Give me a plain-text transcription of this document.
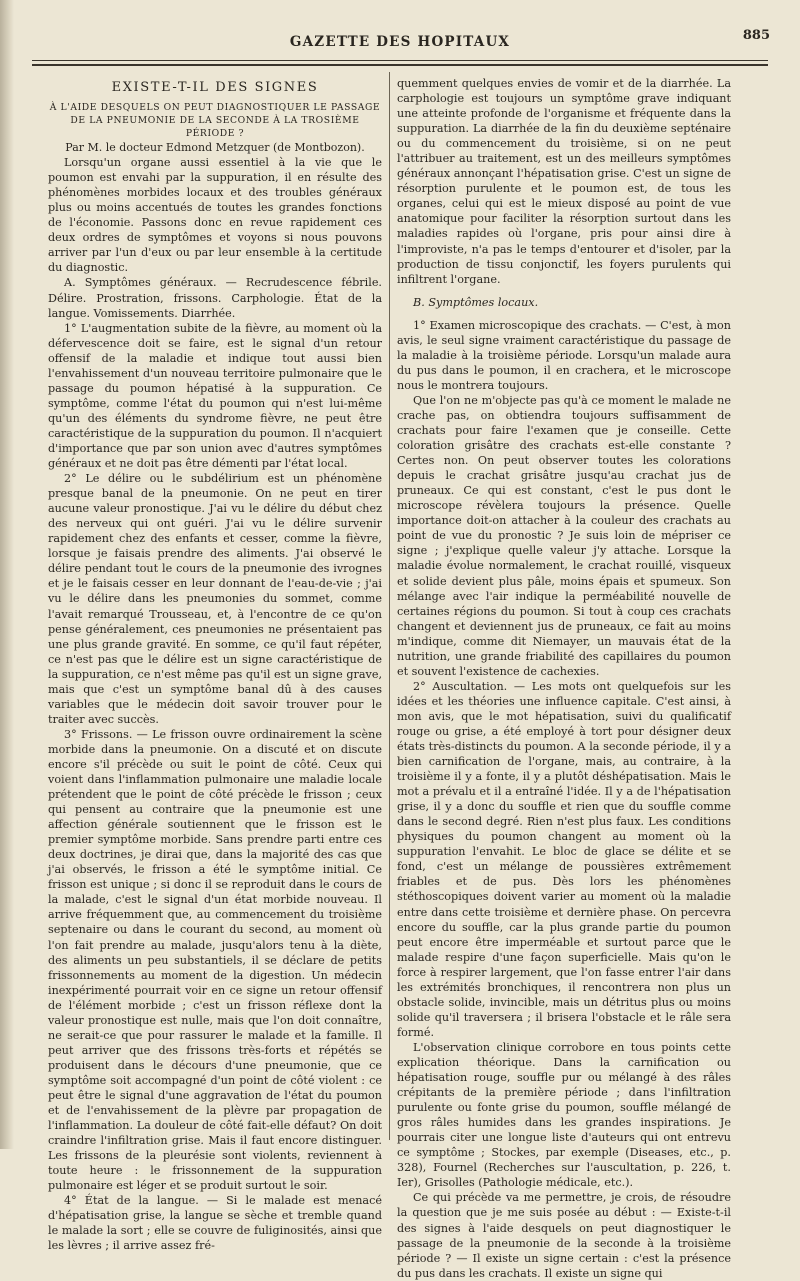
GAZETTE DES HOPITAUX	885
EXISTE-T-IL DES SIGNES

À L'AIDE DESQUELS ON PEUT DIAGNOSTIQUER LE PASSAGE DE LA PNEUMONIE DE LA SECONDE À LA TROSIÈME PÉRIODE ?

Par M. le docteur Edmond Metzquer (de Montbozon).

Lorsqu'un organe aussi essentiel à la vie que le poumon est envahi par la suppuration, il en résulte des phénomènes morbides locaux et des troubles généraux plus ou moins accentués de toutes les grandes fonctions de l'économie. Passons donc en revue rapidement ces deux ordres de symptômes et voyons si nous pouvons arriver par l'un d'eux ou par leur ensemble à la certitude du diagnostic.

A. Symptômes généraux. — Recrudescence fébrile. Délire. Prostration, frissons. Carphologie. État de la langue. Vomissements. Diarrhée.

1° L'augmentation subite de la fièvre, au moment où la défervescence doit se faire, est le signal d'un retour offensif de la maladie et indique tout aussi bien l'envahissement d'un nouveau territoire pulmonaire que le passage du poumon hépatisé à la suppuration. Ce symptôme, comme l'état du poumon qui n'est lui-même qu'un des éléments du syndrome fièvre, ne peut être caractéristique de la suppuration du poumon. Il n'acquiert d'importance que par son union avec d'autres symptômes généraux et ne doit pas être démenti par l'état local.

2° Le délire ou le subdélirium est un phénomène presque banal de la pneumonie. On ne peut en tirer aucune valeur pronostique. J'ai vu le délire du début chez des nerveux qui ont guéri. J'ai vu le délire survenir rapidement chez des enfants et cesser, comme la fièvre, lorsque je faisais prendre des aliments. J'ai observé le délire pendant tout le cours de la pneumonie des ivrognes et je le faisais cesser en leur donnant de l'eau-de-vie ; j'ai vu le délire dans les pneumonies du sommet, comme l'avait remarqué Trousseau, et, à l'encontre de ce qu'on pense généralement, ces pneumonies ne présentaient pas une plus grande gravité. En somme, ce qu'il faut répéter, ce n'est pas que le délire est un signe caractéristique de la suppuration, ce n'est même pas qu'il est un signe grave, mais que c'est un symptôme banal dû à des causes variables que le médecin doit savoir trouver pour le traiter avec succès.

3° Frissons. — Le frisson ouvre ordinairement la scène morbide dans la pneumonie. On a discuté et on discute encore s'il précède ou suit le point de côté. Ceux qui voient dans l'inflammation pulmonaire une maladie locale prétendent que le point de côté précède le frisson ; ceux qui pensent au contraire que la pneumonie est une affection générale soutiennent que le frisson est le premier symptôme morbide. Sans prendre parti entre ces deux doctrines, je dirai que, dans la majorité des cas que j'ai observés, le frisson a été le symptôme initial. Ce frisson est unique ; si donc il se reproduit dans le cours de la malade, c'est le signal d'un état morbide nouveau. Il arrive fréquemment que, au commencement du troisième septenaire ou dans le courant du second, au moment où l'on fait prendre au malade, jusqu'alors tenu à la diète, des aliments un peu substantiels, il se déclare de petits frissonnements au moment de la digestion. Un médecin inexpérimenté pourrait voir en ce signe un retour offensif de l'élément morbide ; c'est un frisson réflexe dont la valeur pronostique est nulle, mais que l'on doit connaître, ne serait-ce que pour rassurer le malade et la famille. Il peut arriver que des frissons très-forts et répétés se produisent dans le décours d'une pneumonie, que ce symptôme soit accompagné d'un point de côté violent : ce peut être le signal d'une aggravation de l'état du poumon et de l'envahissement de la plèvre par propagation de l'inflammation. La douleur de côté fait-elle défaut? On doit craindre l'infiltration grise. Mais il faut encore distinguer. Les frissons de la pleurésie sont violents, reviennent à toute heure : le frissonnement de la suppuration pulmonaire est léger et se produit surtout le soir.

4° État de la langue. — Si le malade est menacé d'hépatisation grise, la langue se sèche et tremble quand le malade la sort ; elle se couvre de fuliginosités, ainsi que les lèvres ; il arrive assez fré-

quemment quelques envies de vomir et de la diarrhée. La carphologie est toujours un symptôme grave indiquant une atteinte profonde de l'organisme et fréquente dans la suppuration. La diarrhée de la fin du deuxième septénaire ou du commencement du troisième, si on ne peut l'attribuer au traitement, est un des meilleurs symptômes généraux annonçant l'hépatisation grise. C'est un signe de résorption purulente et le poumon est, de tous les organes, celui qui est le mieux disposé au point de vue anatomique pour faciliter la résorption surtout dans les maladies rapides où l'organe, pris pour ainsi dire à l'improviste, n'a pas le temps d'entourer et d'isoler, par la production de tissu conjonctif, les foyers purulents qui infiltrent l'organe.

B. Symptômes locaux.

1° Examen microscopique des crachats. — C'est, à mon avis, le seul signe vraiment caractéristique du passage de la maladie à la troisième période. Lorsqu'un malade aura du pus dans le poumon, il en crachera, et le microscope nous le montrera toujours.

Que l'on ne m'objecte pas qu'à ce moment le malade ne crache pas, on obtiendra toujours suffisamment de crachats pour faire l'examen que je conseille. Cette coloration grisâtre des crachats est-elle constante ? Certes non. On peut observer toutes les colorations depuis le crachat grisâtre jusqu'au crachat jus de pruneaux. Ce qui est constant, c'est le pus dont le microscope révèlera toujours la présence. Quelle importance doit-on attacher à la couleur des crachats au point de vue du pronostic ? Je suis loin de mépriser ce signe ; j'explique quelle valeur j'y attache. Lorsque la maladie évolue normalement, le crachat rouillé, visqueux et solide devient plus pâle, moins épais et spumeux. Son mélange avec l'air indique la perméabilité nouvelle de certaines régions du poumon. Si tout à coup ces crachats changent et deviennent jus de pruneaux, ce fait au moins m'indique, comme dit Niemayer, un mauvais état de la nutrition, une grande friabilité des capillaires du poumon et souvent l'existence de cachexies.

2° Auscultation. — Les mots ont quelquefois sur les idées et les théories une influence capitale. C'est ainsi, à mon avis, que le mot hépatisation, suivi du qualificatif rouge ou grise, a été employé à tort pour désigner deux états très-distincts du poumon. A la seconde période, il y a bien carnification de l'organe, mais, au contraire, à la troisième il y a fonte, il y a plutôt déshépatisation. Mais le mot a prévalu et il a entraîné l'idée. Il y a de l'hépatisation grise, il y a donc du souffle et rien que du souffle comme dans le second degré. Rien n'est plus faux. Les conditions physiques du poumon changent au moment où la suppuration l'envahit. Le bloc de glace se délite et se fond, c'est un mélange de poussières extrêmement friables et de pus. Dès lors les phénomènes stéthoscopiques doivent varier au moment où la maladie entre dans cette troisième et dernière phase. On percevra encore du souffle, car la plus grande partie du poumon peut encore être imperméable et surtout parce que le malade respire d'une façon superficielle. Mais qu'on le force à respirer largement, que l'on fasse entrer l'air dans les extrémités bronchiques, il rencontrera non plus un obstacle solide, invincible, mais un détritus plus ou moins solide qu'il traversera ; il brisera l'obstacle et le râle sera formé.

L'observation clinique corrobore en tous points cette explication théorique. Dans la carnification ou hépatisation rouge, souffle pur ou mélangé à des râles crépitants de la première période ; dans l'infiltration purulente ou fonte grise du poumon, souffle mélangé de gros râles humides dans les grandes inspirations. Je pourrais citer une longue liste d'auteurs qui ont entrevu ce symptôme ; Stockes, par exemple (Diseases, etc., p. 328), Fournel (Recherches sur l'auscultation, p. 226, t. Ier), Grisolles (Pathologie médicale, etc.).

Ce qui précède va me permettre, je crois, de résoudre la question que je me suis posée au début : — Existe-t-il des signes à l'aide desquels on peut diagnostiquer le passage de la pneumonie de la seconde à la troisième période ? — Il existe un signe certain : c'est la présence du pus dans les crachats. Il existe un signe qui
